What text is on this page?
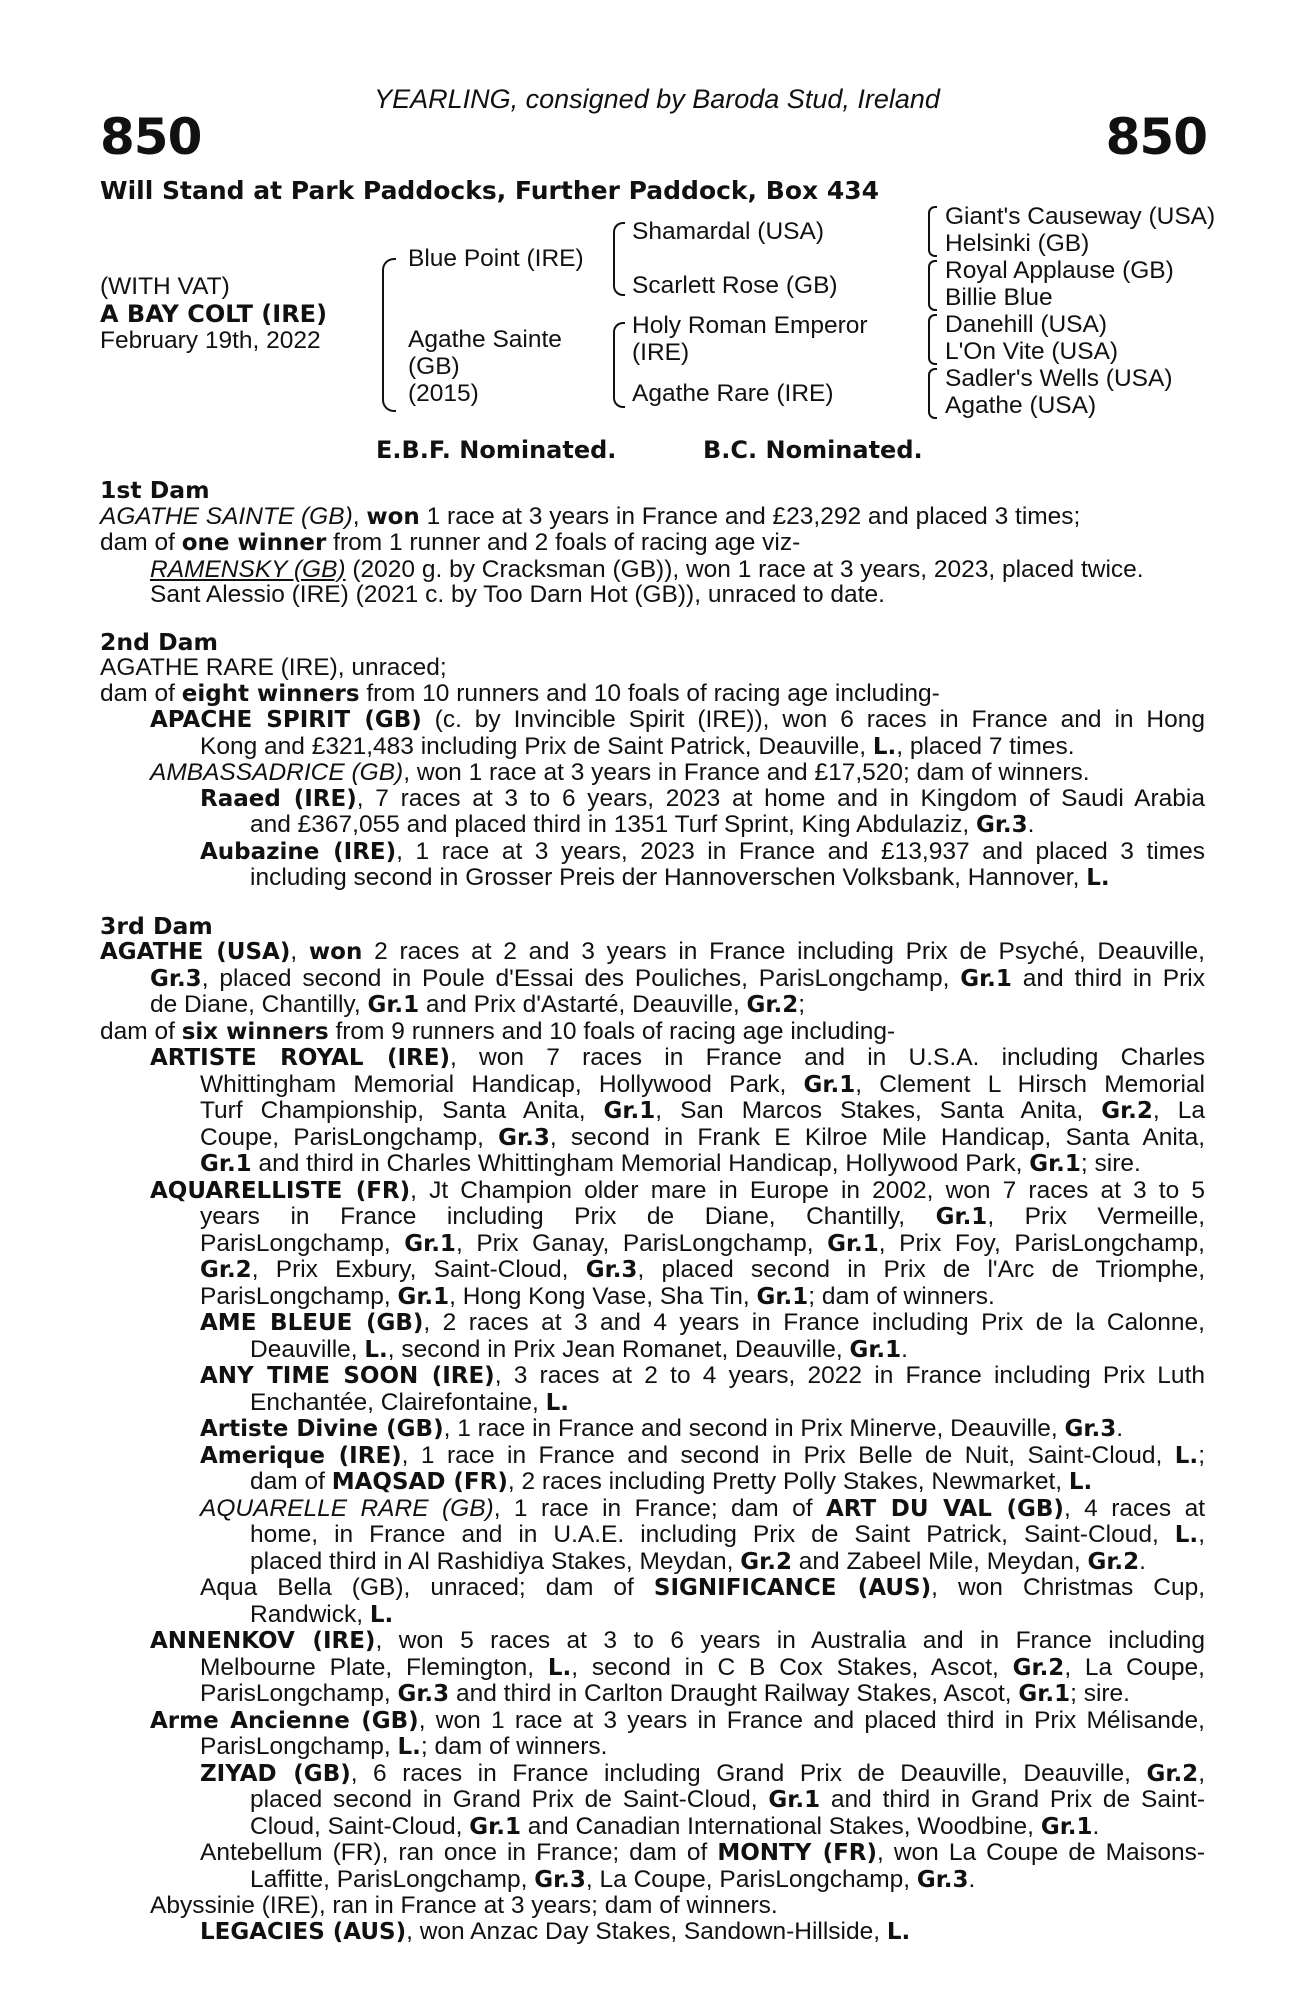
YEARLING, consigned by Baroda Stud, Ireland
850	850
Will Stand at Park Paddocks, Further Paddock, Box 434
(WITH VAT)
A BAY COLT (IRE)
February 19th, 2022
Blue Point (IRE)
Agathe Sainte
(GB)
(2015)
Shamardal (USA)
Scarlett Rose (GB)
Holy Roman Emperor
(IRE)
Agathe Rare (IRE)
Giant's Causeway (USA)
Helsinki (GB)
Royal Applause (GB)
Billie Blue
Danehill (USA)
L'On Vite (USA)
Sadler's Wells (USA)
Agathe (USA)
E.B.F. Nominated.	B.C. Nominated.
1st Dam
AGATHE SAINTE (GB), won 1 race at 3 years in France and £23,292 and placed 3 times;
dam of one winner from 1 runner and 2 foals of racing age viz-
RAMENSKY (GB) (2020 g. by Cracksman (GB)), won 1 race at 3 years, 2023, placed twice.
Sant Alessio (IRE) (2021 c. by Too Darn Hot (GB)), unraced to date.
2nd Dam
AGATHE RARE (IRE), unraced;
dam of eight winners from 10 runners and 10 foals of racing age including-
APACHE SPIRIT (GB) (c. by Invincible Spirit (IRE)), won 6 races in France and in Hong
Kong and £321,483 including Prix de Saint Patrick, Deauville, L., placed 7 times.
AMBASSADRICE (GB), won 1 race at 3 years in France and £17,520; dam of winners.
Raaed (IRE), 7 races at 3 to 6 years, 2023 at home and in Kingdom of Saudi Arabia
and £367,055 and placed third in 1351 Turf Sprint, King Abdulaziz, Gr.3.
Aubazine (IRE), 1 race at 3 years, 2023 in France and £13,937 and placed 3 times
including second in Grosser Preis der Hannoverschen Volksbank, Hannover, L.
3rd Dam
AGATHE (USA), won 2 races at 2 and 3 years in France including Prix de Psyché, Deauville,
Gr.3, placed second in Poule d'Essai des Pouliches, ParisLongchamp, Gr.1 and third in Prix
de Diane, Chantilly, Gr.1 and Prix d'Astarté, Deauville, Gr.2;
dam of six winners from 9 runners and 10 foals of racing age including-
ARTISTE ROYAL (IRE), won 7 races in France and in U.S.A. including Charles
Whittingham Memorial Handicap, Hollywood Park, Gr.1, Clement L Hirsch Memorial
Turf Championship, Santa Anita, Gr.1, San Marcos Stakes, Santa Anita, Gr.2, La
Coupe, ParisLongchamp, Gr.3, second in Frank E Kilroe Mile Handicap, Santa Anita,
Gr.1 and third in Charles Whittingham Memorial Handicap, Hollywood Park, Gr.1; sire.
AQUARELLISTE (FR), Jt Champion older mare in Europe in 2002, won 7 races at 3 to 5
years in France including Prix de Diane, Chantilly, Gr.1, Prix Vermeille,
ParisLongchamp, Gr.1, Prix Ganay, ParisLongchamp, Gr.1, Prix Foy, ParisLongchamp,
Gr.2, Prix Exbury, Saint-Cloud, Gr.3, placed second in Prix de l'Arc de Triomphe,
ParisLongchamp, Gr.1, Hong Kong Vase, Sha Tin, Gr.1; dam of winners.
AME BLEUE (GB), 2 races at 3 and 4 years in France including Prix de la Calonne,
Deauville, L., second in Prix Jean Romanet, Deauville, Gr.1.
ANY TIME SOON (IRE), 3 races at 2 to 4 years, 2022 in France including Prix Luth
Enchantée, Clairefontaine, L.
Artiste Divine (GB), 1 race in France and second in Prix Minerve, Deauville, Gr.3.
Amerique (IRE), 1 race in France and second in Prix Belle de Nuit, Saint-Cloud, L.;
dam of MAQSAD (FR), 2 races including Pretty Polly Stakes, Newmarket, L.
AQUARELLE RARE (GB), 1 race in France; dam of ART DU VAL (GB), 4 races at
home, in France and in U.A.E. including Prix de Saint Patrick, Saint-Cloud, L.,
placed third in Al Rashidiya Stakes, Meydan, Gr.2 and Zabeel Mile, Meydan, Gr.2.
Aqua Bella (GB), unraced; dam of SIGNIFICANCE (AUS), won Christmas Cup,
Randwick, L.
ANNENKOV (IRE), won 5 races at 3 to 6 years in Australia and in France including
Melbourne Plate, Flemington, L., second in C B Cox Stakes, Ascot, Gr.2, La Coupe,
ParisLongchamp, Gr.3 and third in Carlton Draught Railway Stakes, Ascot, Gr.1; sire.
Arme Ancienne (GB), won 1 race at 3 years in France and placed third in Prix Mélisande,
ParisLongchamp, L.; dam of winners.
ZIYAD (GB), 6 races in France including Grand Prix de Deauville, Deauville, Gr.2,
placed second in Grand Prix de Saint-Cloud, Gr.1 and third in Grand Prix de Saint-
Cloud, Saint-Cloud, Gr.1 and Canadian International Stakes, Woodbine, Gr.1.
Antebellum (FR), ran once in France; dam of MONTY (FR), won La Coupe de Maisons-
Laffitte, ParisLongchamp, Gr.3, La Coupe, ParisLongchamp, Gr.3.
Abyssinie (IRE), ran in France at 3 years; dam of winners.
LEGACIES (AUS), won Anzac Day Stakes, Sandown-Hillside, L.
